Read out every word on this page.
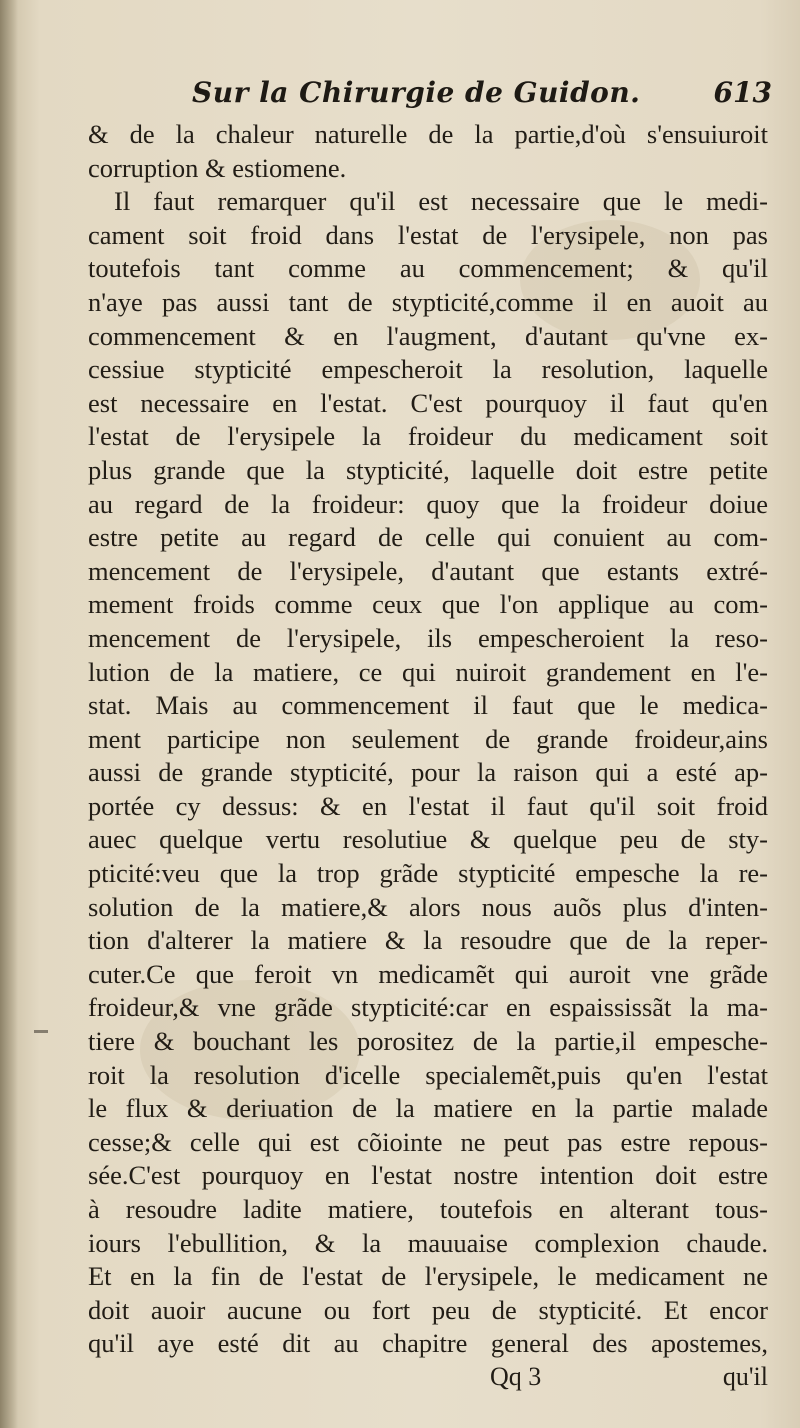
Sur la Chirurgie de Guidon.	613
& de la chaleur naturelle de la partie,d'où s'ensuiuroit
corruption & estiomene.
Il faut remarquer qu'il est necessaire que le medi-
cament soit froid dans l'estat de l'erysipele, non pas
toutefois tant comme au commencement; & qu'il
n'aye pas aussi tant de stypticité,comme il en auoit au
commencement & en l'augment, d'autant qu'vne ex-
cessiue stypticité empescheroit la resolution, laquelle
est necessaire en l'estat. C'est pourquoy il faut qu'en
l'estat de l'erysipele la froideur du medicament soit
plus grande que la stypticité, laquelle doit estre petite
au regard de la froideur: quoy que la froideur doiue
estre petite au regard de celle qui conuient au com-
mencement de l'erysipele, d'autant que estants extré-
mement froids comme ceux que l'on applique au com-
mencement de l'erysipele, ils empescheroient la reso-
lution de la matiere, ce qui nuiroit grandement en l'e-
stat. Mais au commencement il faut que le medica-
ment participe non seulement de grande froideur,ains
aussi de grande stypticité, pour la raison qui a esté ap-
portée cy dessus: & en l'estat il faut qu'il soit froid
auec quelque vertu resolutiue & quelque peu de sty-
pticité:veu que la trop grãde stypticité empesche la re-
solution de la matiere,& alors nous auõs plus d'inten-
tion d'alterer la matiere & la resoudre que de la reper-
cuter.Ce que feroit vn medicamẽt qui auroit vne grãde
froideur,& vne grãde stypticité:car en espaississãt la ma-
tiere & bouchant les porositez de la partie,il empesche-
roit la resolution d'icelle specialemẽt,puis qu'en l'estat
le flux & deriuation de la matiere en la partie malade
cesse;& celle qui est cõiointe ne peut pas estre repous-
sée.C'est pourquoy en l'estat nostre intention doit estre
à resoudre ladite matiere, toutefois en alterant tous-
iours l'ebullition, & la mauuaise complexion chaude.
Et en la fin de l'estat de l'erysipele, le medicament ne
doit auoir aucune ou fort peu de stypticité. Et encor
qu'il aye esté dit au chapitre general des apostemes,
Qq 3	qu'il
